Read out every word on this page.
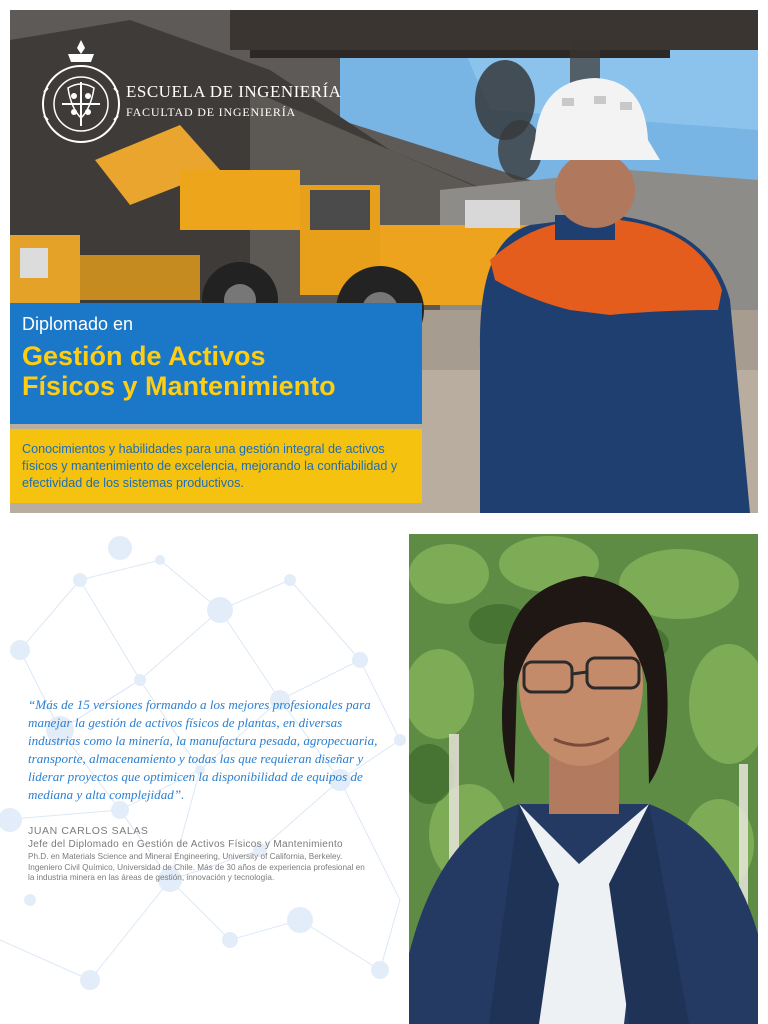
ESCUELA DE INGENIERÍA
FACULTAD DE INGENIERÍA
Diplomado en
Gestión de Activos
Físicos y Mantenimiento
Conocimientos y habilidades para una gestión integral de activos físicos y mantenimiento de excelencia, mejorando la confiabilidad y efectividad de los sistemas productivos.
“Más de 15 versiones formando a los mejores profesionales para manejar la gestión de activos físicos de plantas, en diversas industrias como la minería, la manufactura pesada, agropecuaria, transporte, almacenamiento y todas las que requieran diseñar y liderar proyectos que optimicen la disponibilidad de equipos de mediana y alta complejidad”.
JUAN CARLOS SALAS
Jefe del Diplomado en Gestión de Activos Físicos y Mantenimiento
Ph.D. en Materials Science and Mineral Engineering, University of California, Berkeley. Ingeniero Civil Químico, Universidad de Chile. Más de 30 años de experiencia profesional en la industria minera en las áreas de gestión, innovación y tecnología.
